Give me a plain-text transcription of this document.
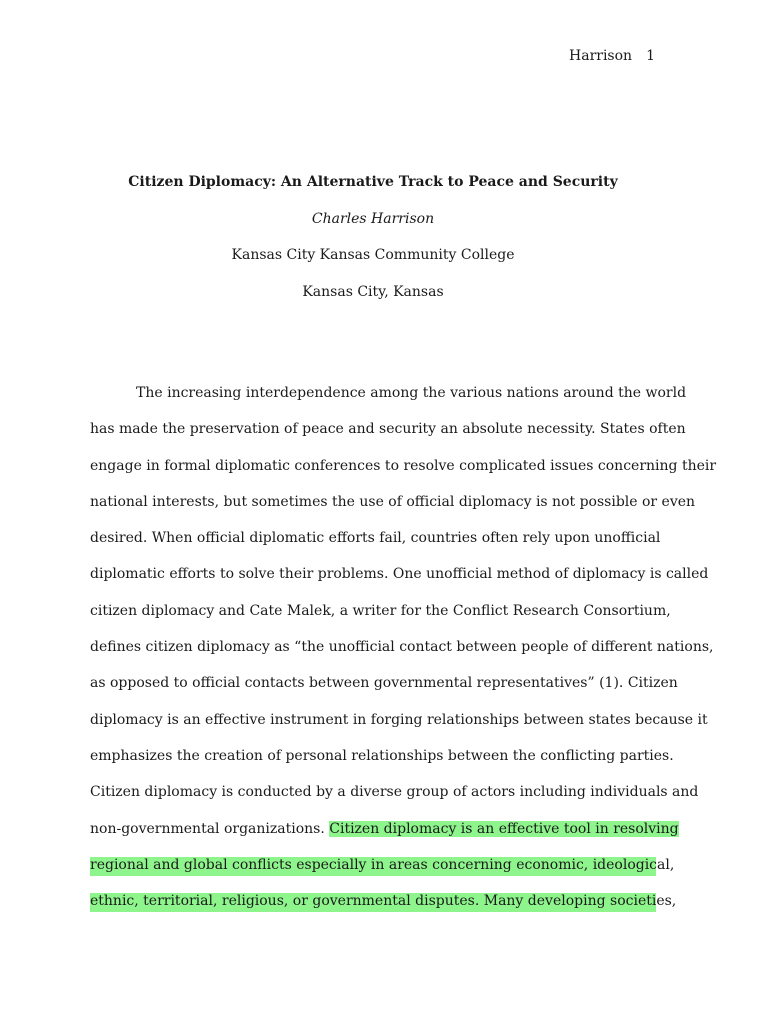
Harrison 1
Citizen Diplomacy: An Alternative Track to Peace and Security
Charles Harrison
Kansas City Kansas Community College
Kansas City, Kansas
The increasing interdependence among the various nations around the world
has made the preservation of peace and security an absolute necessity. States often
engage in formal diplomatic conferences to resolve complicated issues concerning their
national interests, but sometimes the use of official diplomacy is not possible or even
desired. When official diplomatic efforts fail, countries often rely upon unofficial
diplomatic efforts to solve their problems. One unofficial method of diplomacy is called
citizen diplomacy and Cate Malek, a writer for the Conflict Research Consortium,
defines citizen diplomacy as “the unofficial contact between people of different nations,
as opposed to official contacts between governmental representatives” (1). Citizen
diplomacy is an effective instrument in forging relationships between states because it
emphasizes the creation of personal relationships between the conflicting parties.
Citizen diplomacy is conducted by a diverse group of actors including individuals and
non-governmental organizations. Citizen diplomacy is an effective tool in resolving
regional and global conflicts especially in areas concerning economic, ideological,
ethnic, territorial, religious, or governmental disputes. Many developing societies,
